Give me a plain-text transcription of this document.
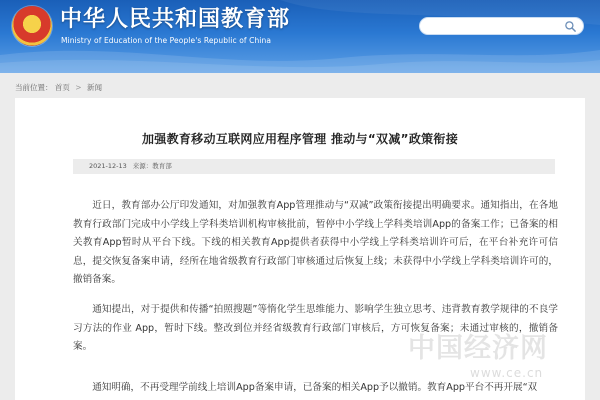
★ 中华人民共和国教育部
Ministry of Education of the People's Republic of China
当前位置： 首页 > 新闻
加强教育移动互联网应用程序管理 推动与“双减”政策衔接
2021-12-13 来源：教育部

近日，教育部办公厅印发通知，对加强教育App管理推动与“双减”政策衔接提出明确要求。通知指出，在各地教育行政部门完成中小学线上学科类培训机构审核批前，暂停中小学线上学科类培训App的备案工作；已备案的相关教育App暂时从平台下线。下线的相关教育App提供者获得中小学线上学科类培训许可后，在平台补充许可信息，提交恢复备案申请，经所在地省级教育行政部门审核通过后恢复上线；未获得中小学线上学科类培训许可的，撤销备案。

通知提出，对于提供和传播“拍照搜题”等惰化学生思维能力、影响学生独立思考、违背教育教学规律的不良学习方法的作业 App，暂时下线。整改到位并经省级教育行政部门审核后，方可恢复备案；未通过审核的，撤销备案。

通知明确，不再受理学前线上培训App备案申请，已备案的相关App予以撤销。教育App平台不再开展“双

中国经济网
www.ce.cn
